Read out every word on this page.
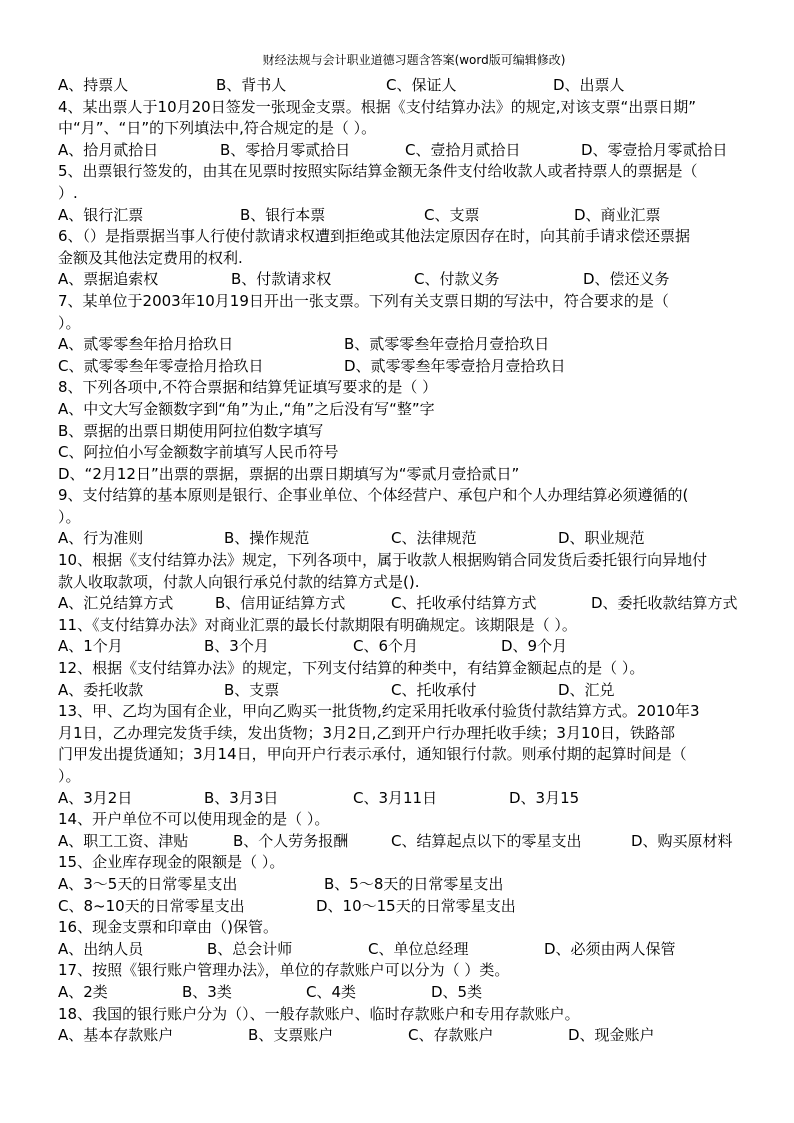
财经法规与会计职业道德习题含答案(word版可编辑修改)
A、持票人	B、背书人	C、保证人	D、出票人
4、某出票人于10月20日签发一张现金支票。根据《支付结算办法》的规定,对该支票“出票日期”
中“月”、“日”的下列填法中,符合规定的是（ ）。
A、拾月贰拾日	B、零拾月零贰拾日	C、壹拾月贰拾日	D、零壹拾月零贰拾日
5、出票银行签发的，由其在见票时按照实际结算金额无条件支付给收款人或者持票人的票据是（
）.
A、银行汇票	B、银行本票	C、支票	D、商业汇票
6、（）是指票据当事人行使付款请求权遭到拒绝或其他法定原因存在时，向其前手请求偿还票据
金额及其他法定费用的权利.
A、票据追索权	B、付款请求权	C、付款义务	D、偿还义务
7、某单位于2003年10月19日开出一张支票。下列有关支票日期的写法中，符合要求的是（
）。
A、贰零零叁年拾月拾玖日	B、贰零零叁年壹拾月壹拾玖日
C、贰零零叁年零壹拾月拾玖日	D、贰零零叁年零壹拾月壹拾玖日
8、下列各项中,不符合票据和结算凭证填写要求的是（ ）
A、中文大写金额数字到“角”为止,“角”之后没有写“整”字
B、票据的出票日期使用阿拉伯数字填写
C、阿拉伯小写金额数字前填写人民币符号
D、“2月12日”出票的票据，票据的出票日期填写为“零贰月壹拾贰日”
9、支付结算的基本原则是银行、企事业单位、个体经营户、承包户和个人办理结算必须遵循的(
）。
A、行为准则	B、操作规范	C、法律规范	D、职业规范
10、根据《支付结算办法》规定，下列各项中，属于收款人根据购销合同发货后委托银行向异地付
款人收取款项，付款人向银行承兑付款的结算方式是().
A、汇兑结算方式	B、信用证结算方式	C、托收承付结算方式	D、委托收款结算方式
11、《支付结算办法》对商业汇票的最长付款期限有明确规定。该期限是（ ）。
A、1个月	B、3个月	C、6个月	D、9个月
12、根据《支付结算办法》的规定，下列支付结算的种类中，有结算金额起点的是（ ）。
A、委托收款	B、支票	C、托收承付	D、汇兑
13、甲、乙均为国有企业，甲向乙购买一批货物,约定采用托收承付验货付款结算方式。2010年3
月1日，乙办理完发货手续，发出货物；3月2日,乙到开户行办理托收手续；3月10日，铁路部
门甲发出提货通知；3月14日，甲向开户行表示承付，通知银行付款。则承付期的起算时间是（
）。
A、3月2日	B、3月3日	C、3月11日	D、3月15
14、开户单位不可以使用现金的是（ ）。
A、职工工资、津贴	B、个人劳务报酬	C、结算起点以下的零星支出	D、购买原材料
15、企业库存现金的限额是（ ）。
A、3～5天的日常零星支出	B、5～8天的日常零星支出
C、8~10天的日常零星支出	D、10～15天的日常零星支出
16、现金支票和印章由（)保管。
A、出纳人员	B、总会计师	C、单位总经理	D、必须由两人保管
17、按照《银行账户管理办法》，单位的存款账户可以分为（ ）类。
A、2类	B、3类	C、4类	D、5类
18、我国的银行账户分为（）、一般存款账户、临时存款账户和专用存款账户。
A、基本存款账户	B、支票账户	C、存款账户	D、现金账户
